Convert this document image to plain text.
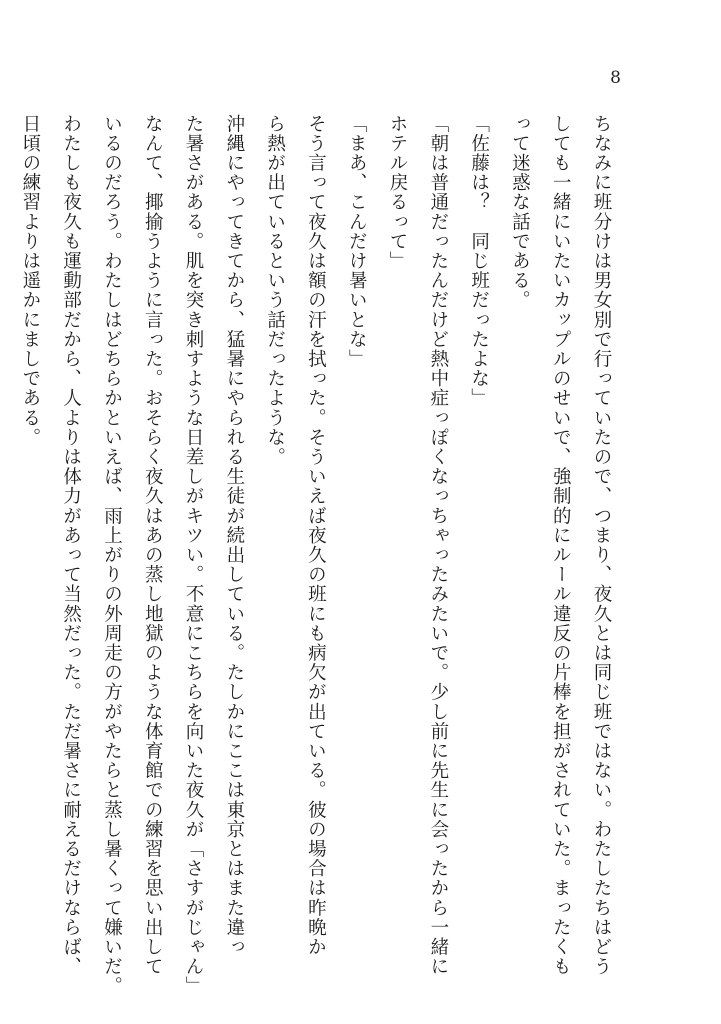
8
ちなみに班分けは男女別で行っていたので、つまり、夜久とは同じ班ではない。わたしたちはどう
しても一緒にいたいカップルのせいで、強制的にルール違反の片棒を担がされていた。まったくも
って迷惑な話である。
「佐藤は？　同じ班だったよな」
「朝は普通だったんだけど熱中症っぽくなっちゃったみたいで。少し前に先生に会ったから一緒に
ホテル戻るって」
「まあ、こんだけ暑いとな」
そう言って夜久は額の汗を拭った。そういえば夜久の班にも病欠が出ている。彼の場合は昨晩か
ら熱が出ているという話だったような。
沖縄にやってきてから、猛暑にやられる生徒が続出している。たしかにここは東京とはまた違っ
た暑さがある。肌を突き刺すような日差しがキツい。不意にこちらを向いた夜久が「さすがじゃん」
なんて、揶揄うように言った。おそらく夜久はあの蒸し地獄のような体育館での練習を思い出して
いるのだろう。わたしはどちらかといえば、雨上がりの外周走の方がやたらと蒸し暑くって嫌いだ。
わたしも夜久も運動部だから、人よりは体力があって当然だった。ただ暑さに耐えるだけならば、
日頃の練習よりは遥かにましである。
